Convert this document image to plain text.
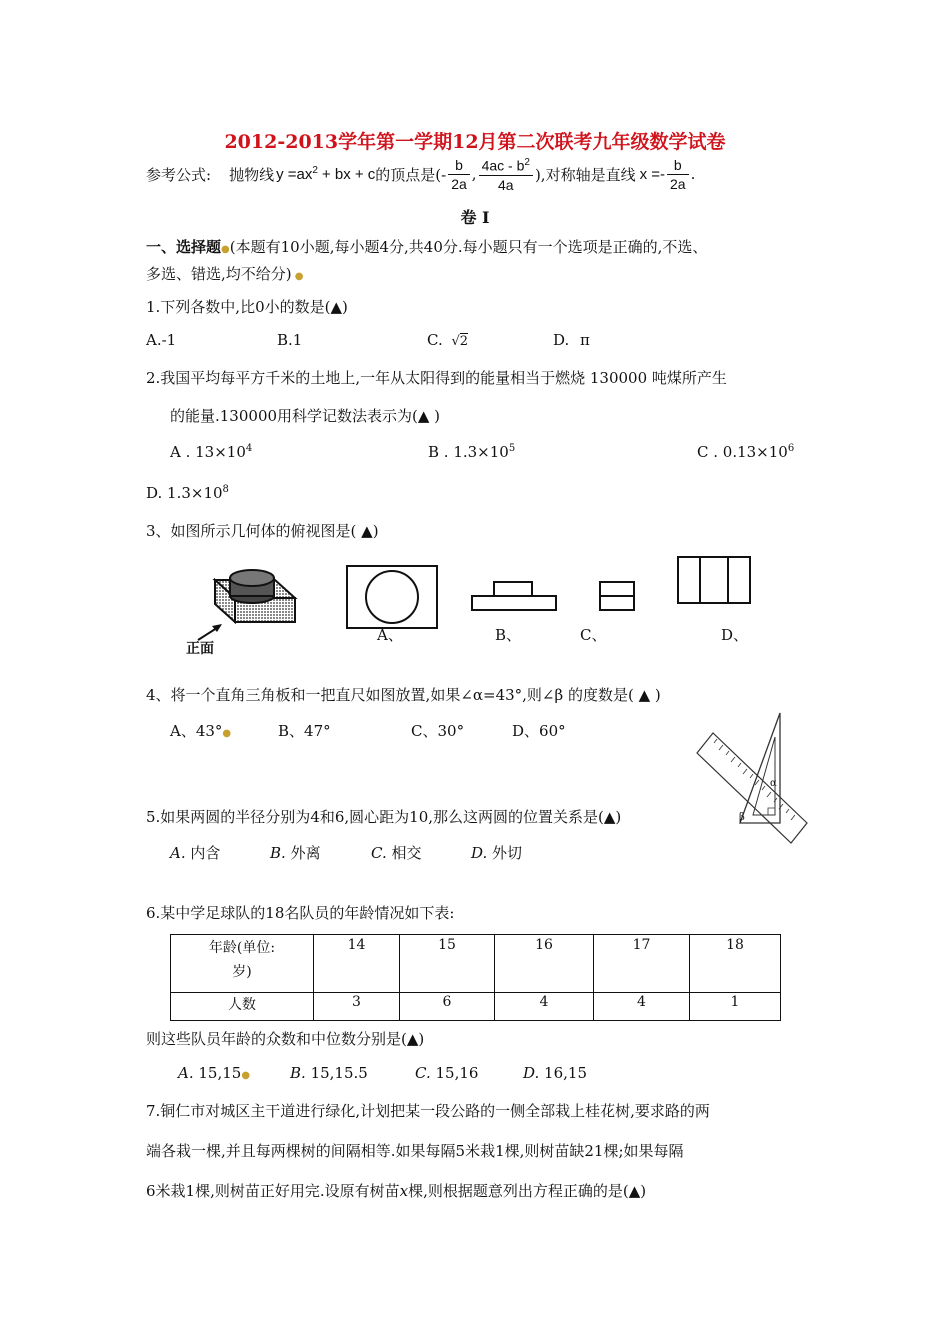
2012-2013学年第一学期12月第二次联考九年级数学试卷
参考公式: 抛物线 $y =ax^2$ + bx + c 的顶点是(- $\frac{b}{2a}$ , $\frac{4ac - b^2}{4a}$ ),对称轴是直线 $x =- \frac{b}{2a}$ .
卷 Ⅰ
一、选择题●(本题有10小题,每小题4分,共40分.每小题只有一个选项是正确的,不选、
多选、错选,均不给分) ●
1.下列各数中,比0小的数是(▲)
A.-1	B.1	C. √2	D. π
2.我国平均每平方千米的土地上,一年从太阳得到的能量相当于燃烧 130000 吨煤所产生
的能量.130000用科学记数法表示为(▲ )
A . $13\times 10^4$	B . $1.3\times 10^5$	C . $0.13\times 10^6$
D. $1.3\times 10^8$
3、如图所示几何体的俯视图是( ▲)
正面
A、	B、	C、	D、
4、将一个直角三角板和一把直尺如图放置,如果∠α=43°,则∠β 的度数是( ▲ )
A、43°●	B、47°	C、30°	D、60°
α
β
5.如果两圆的半径分别为4和6,圆心距为10,那么这两圆的位置关系是(▲)
A. 内含	B. 外离	C. 相交	D. 外切
6.某中学足球队的18名队员的年龄情况如下表:
年龄(单位:
岁)	14	15	16	17	18
人数	3	6	4	4	1
则这些队员年龄的众数和中位数分别是(▲)
A. 15,15●	B. 15,15.5	C. 15,16	D. 16,15
7.铜仁市对城区主干道进行绿化,计划把某一段公路的一侧全部栽上桂花树,要求路的两
端各栽一棵,并且每两棵树的间隔相等.如果每隔5米栽1棵,则树苗缺21棵;如果每隔
6米栽1棵,则树苗正好用完.设原有树苗x棵,则根据题意列出方程正确的是(▲)
